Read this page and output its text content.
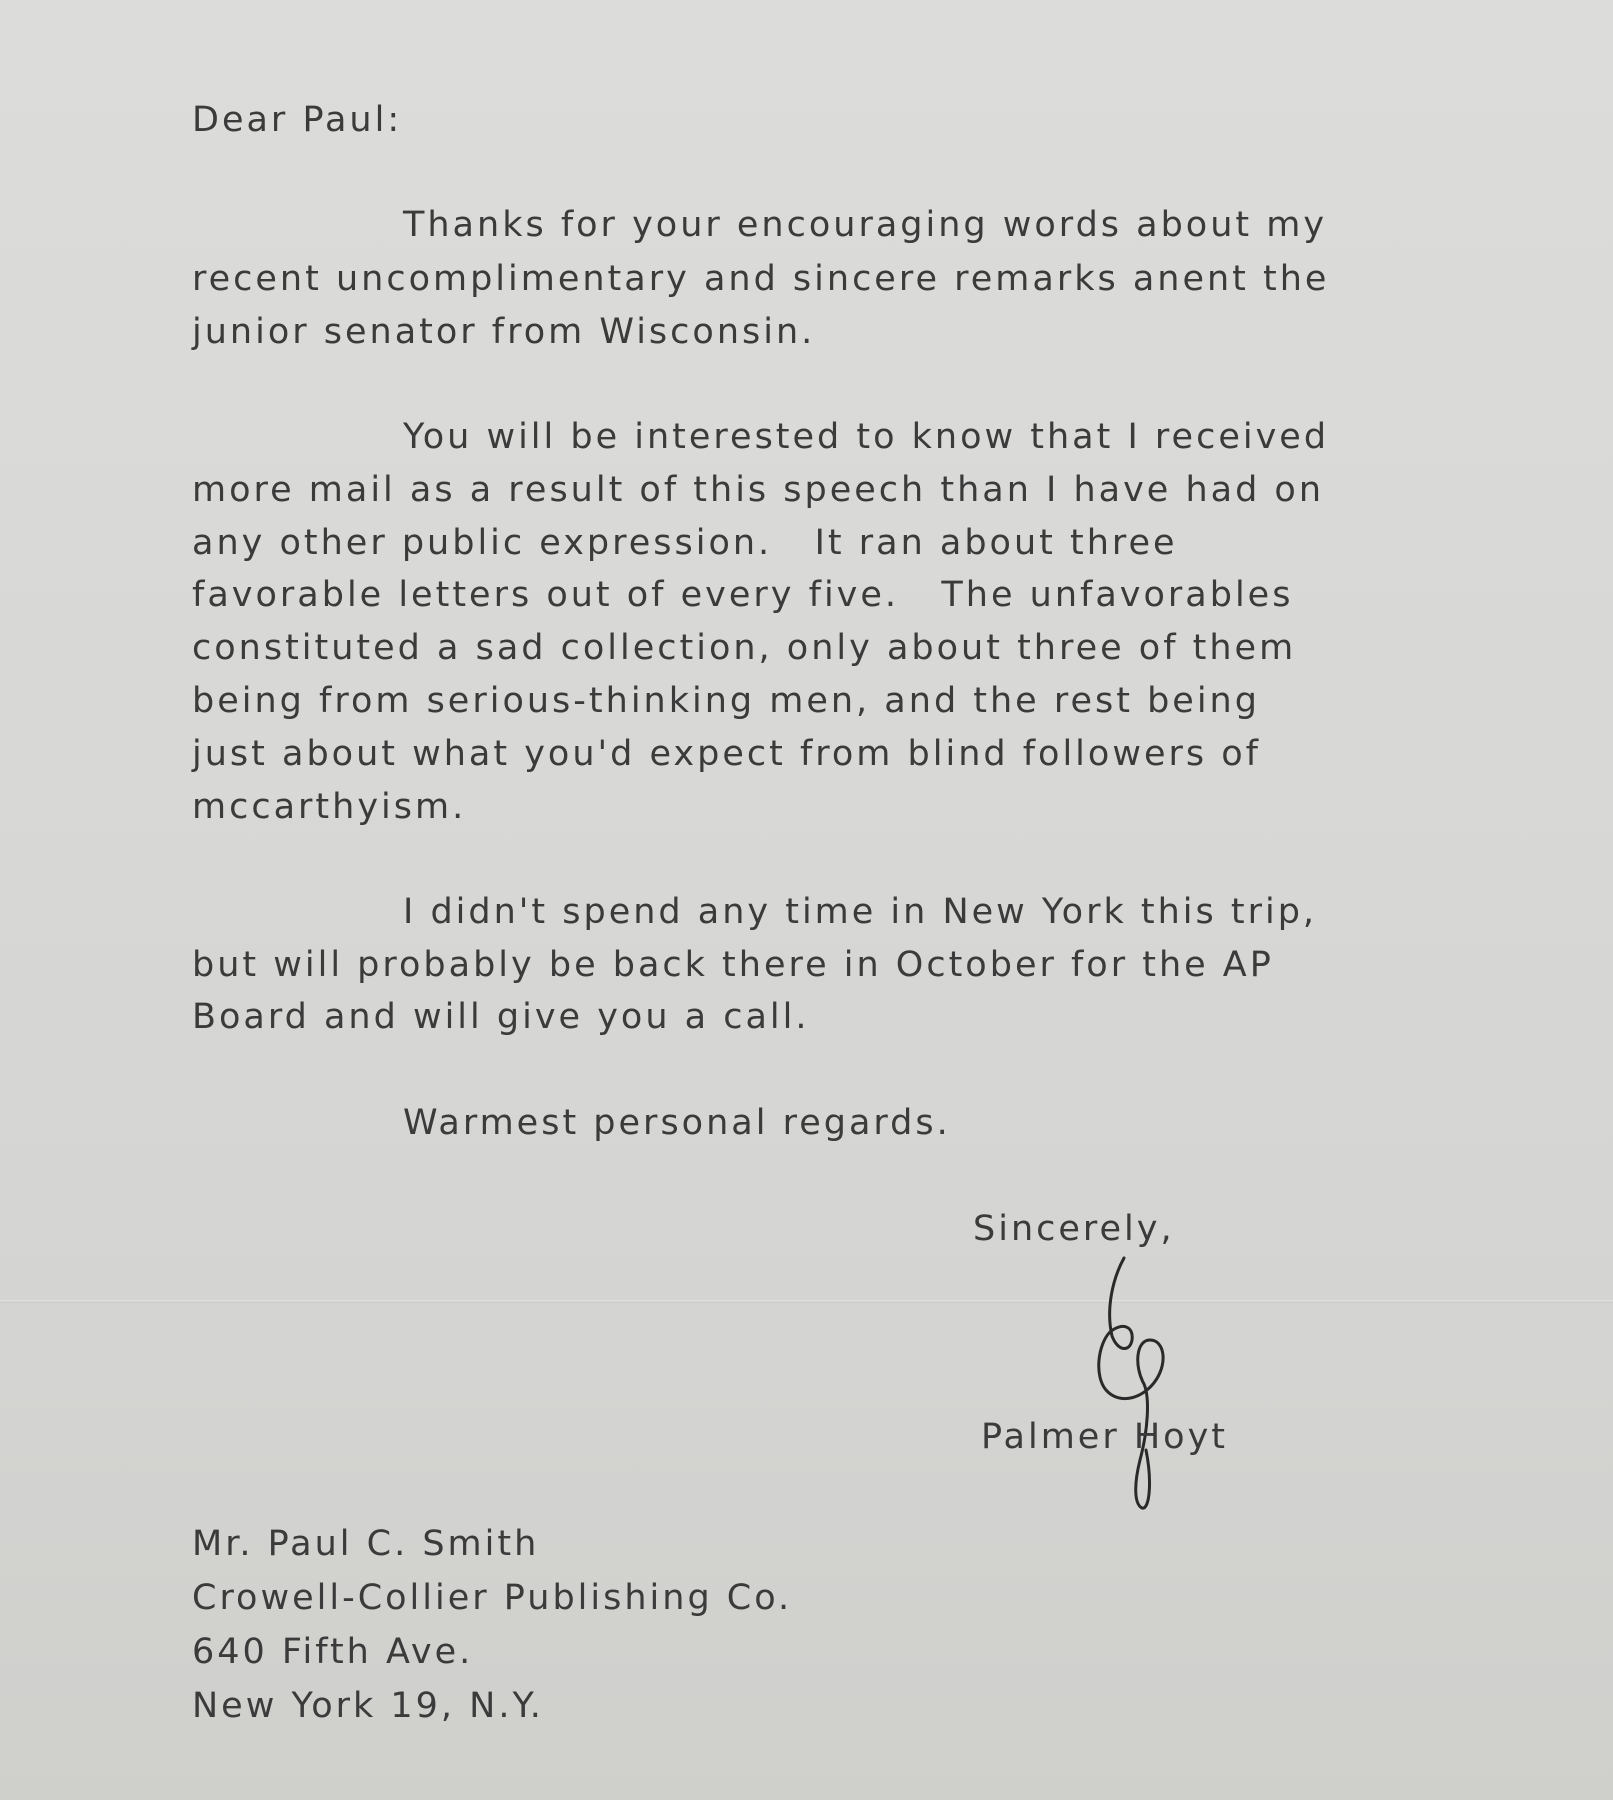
Dear Paul:

Thanks for your encouraging words about my

recent uncomplimentary and sincere remarks anent the

junior senator from Wisconsin.

You will be interested to know that I received

more mail as a result of this speech than I have had on

any other public expression.   It ran about three

favorable letters out of every five.   The unfavorables

constituted a sad collection, only about three of them

being from serious-thinking men, and the rest being

just about what you'd expect from blind followers of

mccarthyism.

I didn't spend any time in New York this trip,

but will probably be back there in October for the AP

Board and will give you a call.

Warmest personal regards.

Sincerely,

Palmer Hoyt

Mr. Paul C. Smith

Crowell-Collier Publishing Co.

640 Fifth Ave.

New York 19, N.Y.
